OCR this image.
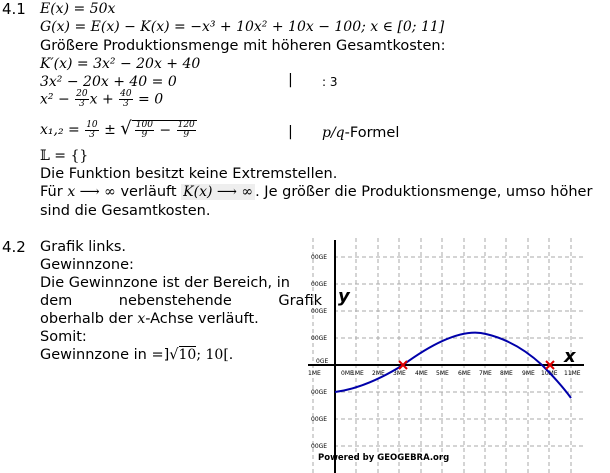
4.1 E(x) = 50x
G(x) = E(x) − K(x) = −x³ + 10x² + 10x − 100; x ∈ [0; 11]
Größere Produktionsmenge mit höheren Gesamtkosten:
K′(x) = 3x² − 20x + 40
3x² − 20x + 40 = 0	| : 3
$x^2 - \frac{20}{3}$ $x + \frac{40}{3} = 0$
$x_1,_2 = \frac{10}{3}$ ± √ $\frac{100}{9} - \frac{120}{9}$	| p/q-Formel
𝕃 = {}
Die Funktion besitzt keine Extremstellen.
Für x ⟶ ∞ verläuft K(x) ⟶ ∞ . Je größer die Produktionsmenge, umso höher
sind die Gesamtkosten.
4.2 Grafik links.
Gewinnzone:
Die Gewinnzone ist der Bereich, in
dem	nebenstehende	Grafik
oberhalb der x-Achse verläuft.
Somit:
Gewinnzone in =]√10; 10[.
00GE
00GE
00GE
00GE
0GE
00GE
00GE
00GE
1ME	0ME
1ME 2ME 3ME 4ME 5ME 6ME 7ME 8ME 9ME 10ME 11ME
y
x
Powered by GEOGEBRA.org
